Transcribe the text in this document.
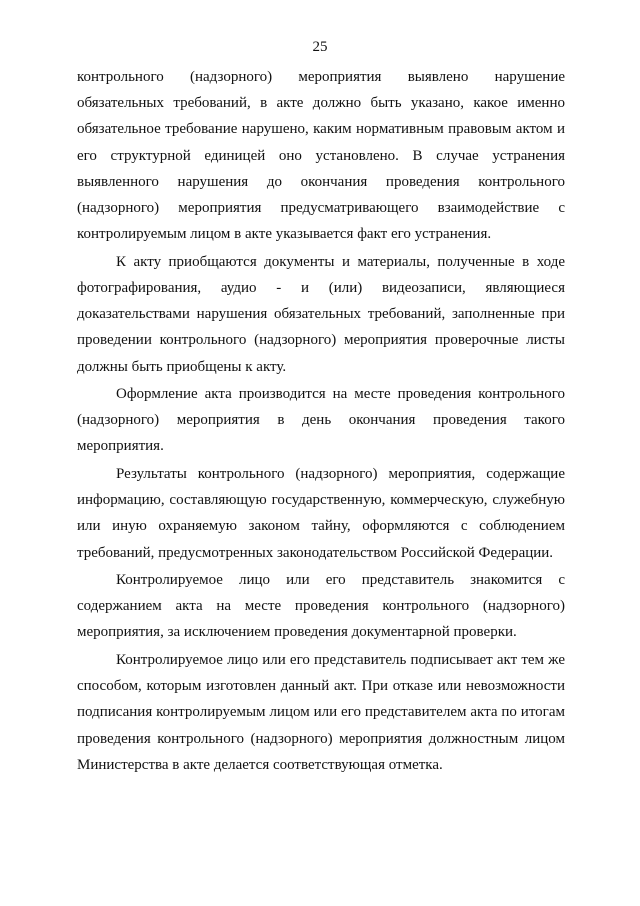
25

контрольного (надзорного) мероприятия выявлено нарушение обязательных требований, в акте должно быть указано, какое именно обязательное требование нарушено, каким нормативным правовым актом и его структурной единицей оно установлено. В случае устранения выявленного нарушения до окончания проведения контрольного (надзорного) мероприятия предусматривающего взаимодействие с контролируемым лицом в акте указывается факт его устранения.

К акту приобщаются документы и материалы, полученные в ходе фотографирования, аудио - и (или) видеозаписи, являющиеся доказательствами нарушения обязательных требований, заполненные при проведении контрольного (надзорного) мероприятия проверочные листы должны быть приобщены к акту.

Оформление акта производится на месте проведения контрольного (надзорного) мероприятия в день окончания проведения такого мероприятия.

Результаты контрольного (надзорного) мероприятия, содержащие информацию, составляющую государственную, коммерческую, служебную или иную охраняемую законом тайну, оформляются с соблюдением требований, предусмотренных законодательством Российской Федерации.

Контролируемое лицо или его представитель знакомится с содержанием акта на месте проведения контрольного (надзорного) мероприятия, за исключением проведения документарной проверки.

Контролируемое лицо или его представитель подписывает акт тем же способом, которым изготовлен данный акт. При отказе или невозможности подписания контролируемым лицом или его представителем акта по итогам проведения контрольного (надзорного) мероприятия должностным лицом Министерства в акте делается соответствующая отметка.
